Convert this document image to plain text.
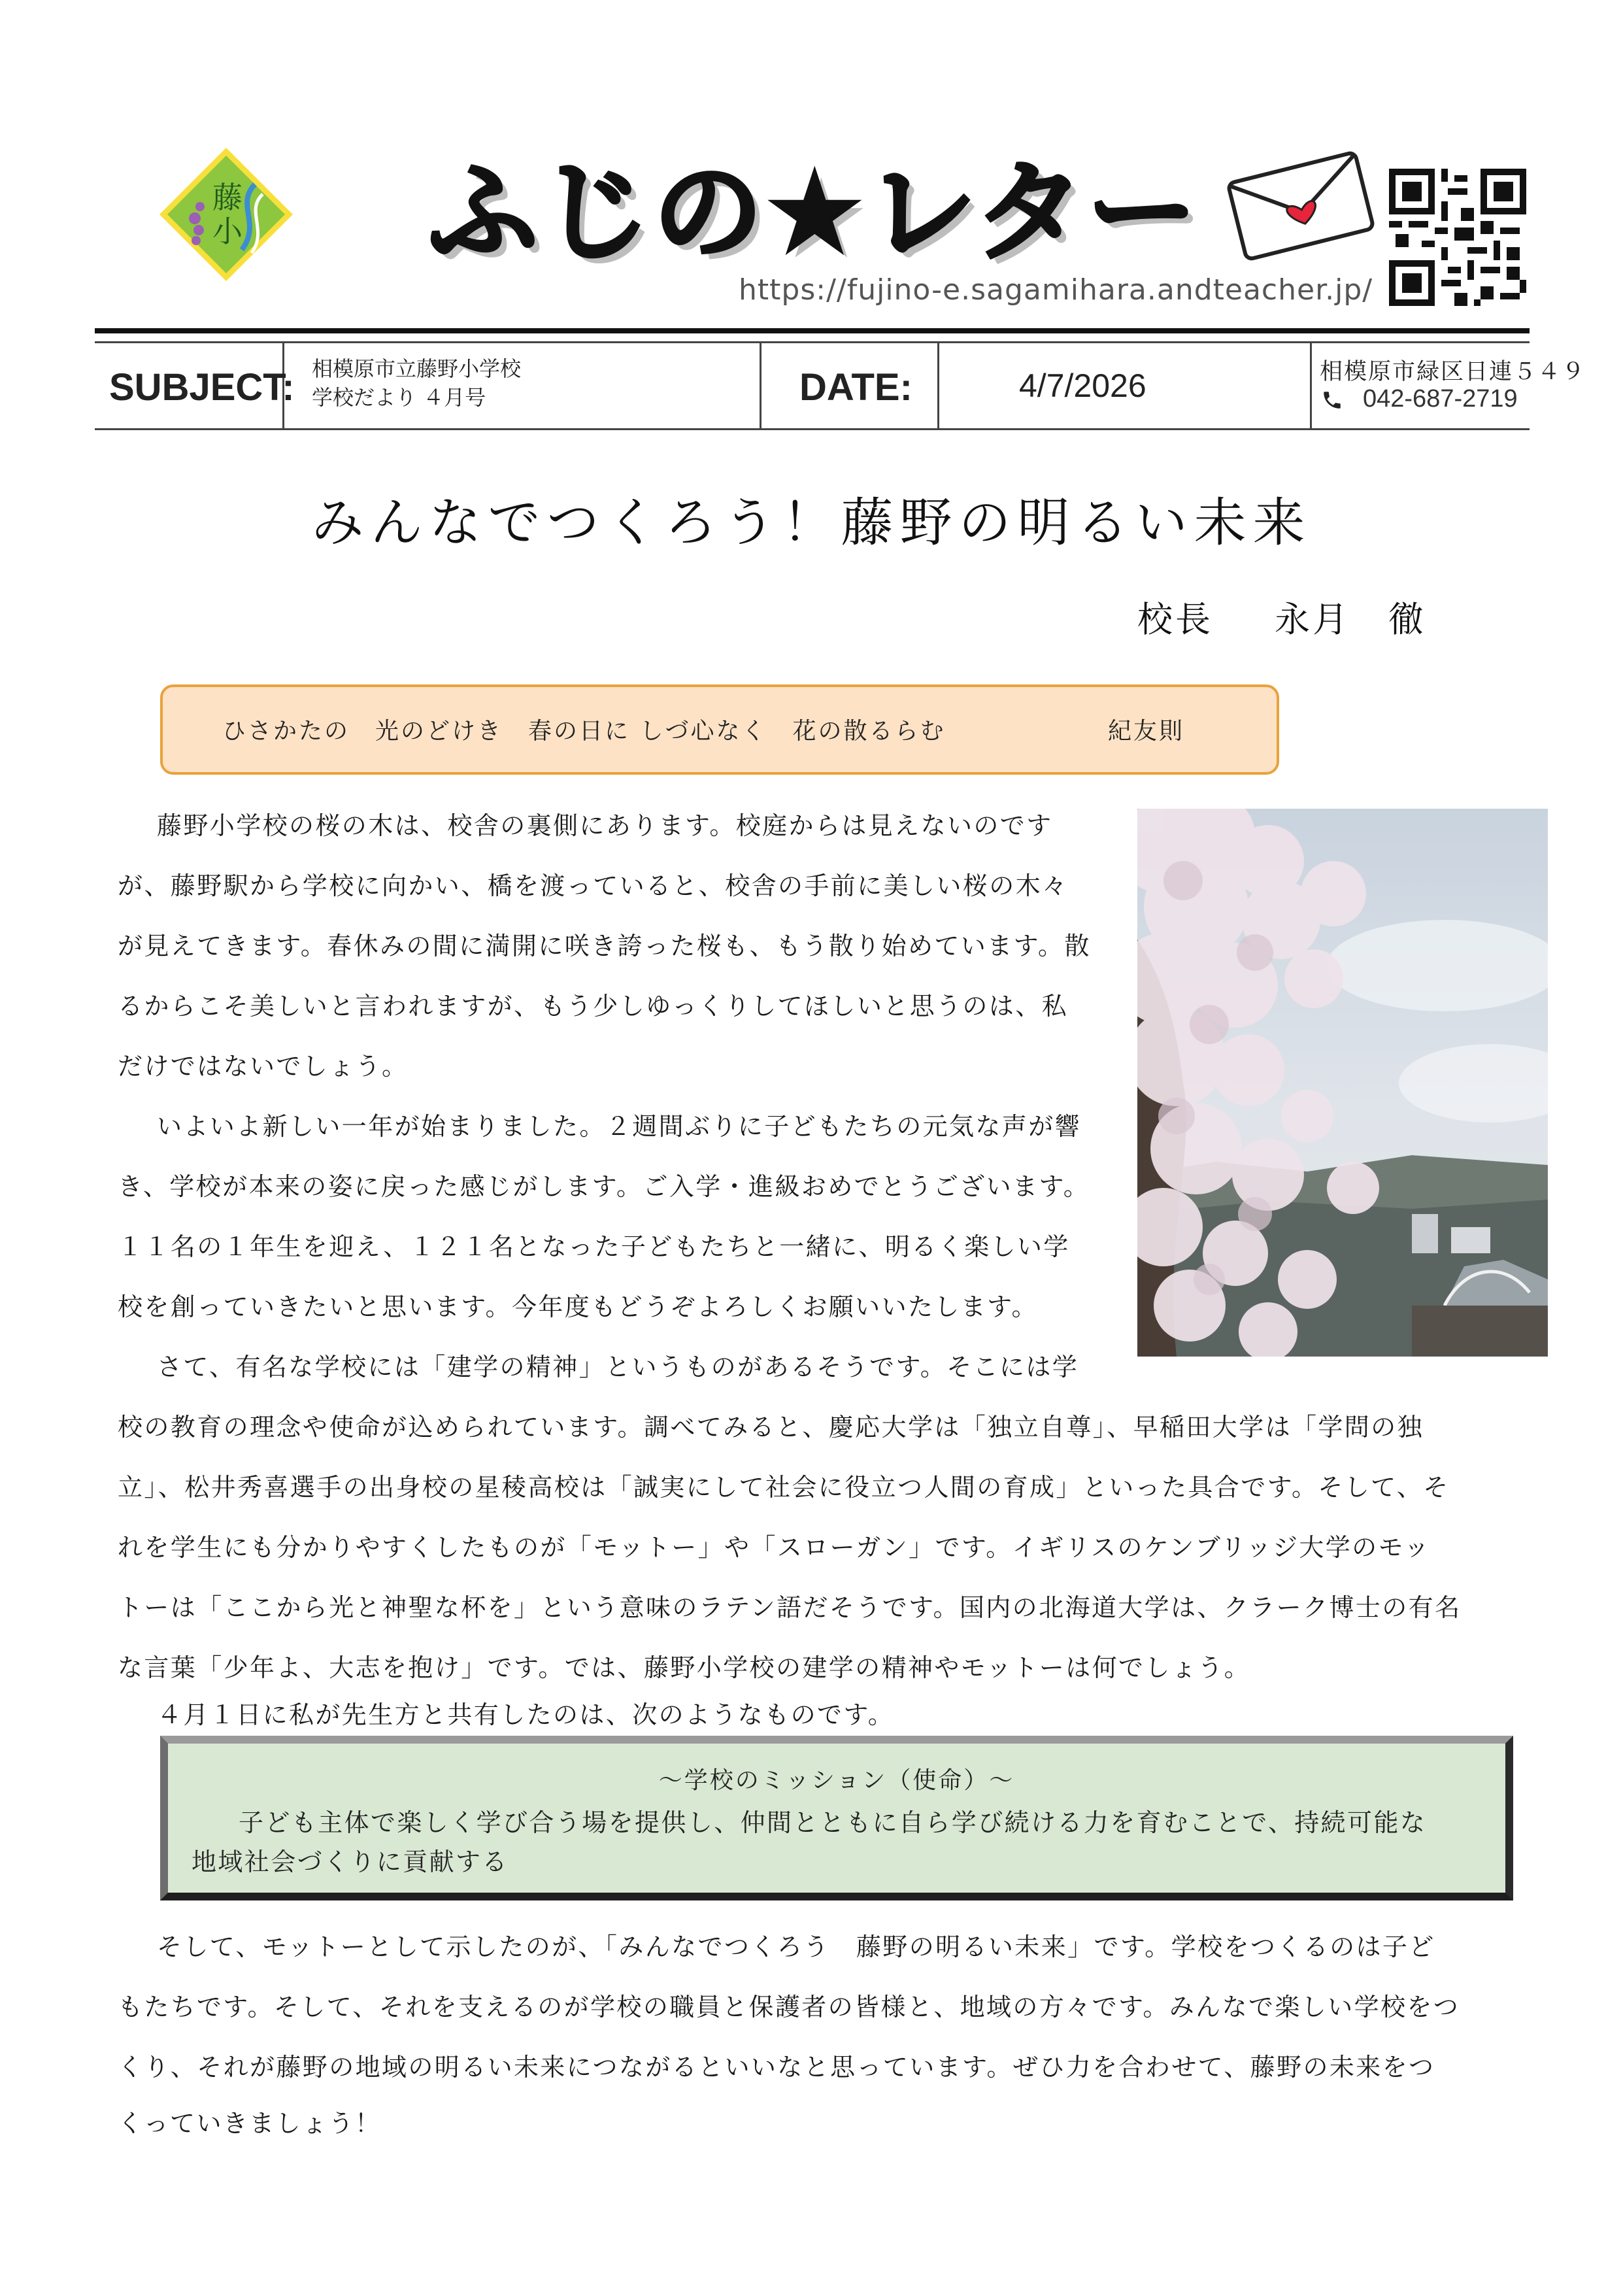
藤
小 ふじの★レター
https://fujino-e.sagamihara.andteacher.jp/
SUBJECT: 相模原市立藤野小学校
学校だより ４月号	DATE:	4/7/2026	相模原市緑区日連５４９
042-687-2719
みんなでつくろう！藤野の明るい未来
校長 永月　徹
ひさかたの　光のどけき　春の日に しづ心なく　花の散るらむ	紀友則
藤野小学校の桜の木は、校舎の裏側にあります。校庭からは見えないのです
が、藤野駅から学校に向かい、橋を渡っていると、校舎の手前に美しい桜の木々
が見えてきます。春休みの間に満開に咲き誇った桜も、もう散り始めています。散
るからこそ美しいと言われますが、もう少しゆっくりしてほしいと思うのは、私
だけではないでしょう。
いよいよ新しい一年が始まりました。２週間ぶりに子どもたちの元気な声が響
き、学校が本来の姿に戻った感じがします。ご入学・進級おめでとうございます。
１１名の１年生を迎え、１２１名となった子どもたちと一緒に、明るく楽しい学
校を創っていきたいと思います。今年度もどうぞよろしくお願いいたします。
さて、有名な学校には「建学の精神」というものがあるそうです。そこには学
校の教育の理念や使命が込められています。調べてみると、慶応大学は「独立自尊」、早稲田大学は「学問の独
立」、松井秀喜選手の出身校の星稜高校は「誠実にして社会に役立つ人間の育成」といった具合です。そして、そ
れを学生にも分かりやすくしたものが「モットー」や「スローガン」です。イギリスのケンブリッジ大学のモッ
トーは「ここから光と神聖な杯を」という意味のラテン語だそうです。国内の北海道大学は、クラーク博士の有名
な言葉「少年よ、大志を抱け」です。では、藤野小学校の建学の精神やモットーは何でしょう。
４月１日に私が先生方と共有したのは、次のようなものです。
～学校のミッション（使命）～
子ども主体で楽しく学び合う場を提供し、仲間とともに自ら学び続ける力を育むことで、持続可能な
地域社会づくりに貢献する
そして、モットーとして示したのが、「みんなでつくろう　藤野の明るい未来」です。学校をつくるのは子ど
もたちです。そして、それを支えるのが学校の職員と保護者の皆様と、地域の方々です。みんなで楽しい学校をつ
くり、それが藤野の地域の明るい未来につながるといいなと思っています。ぜひ力を合わせて、藤野の未来をつ
くっていきましょう！
